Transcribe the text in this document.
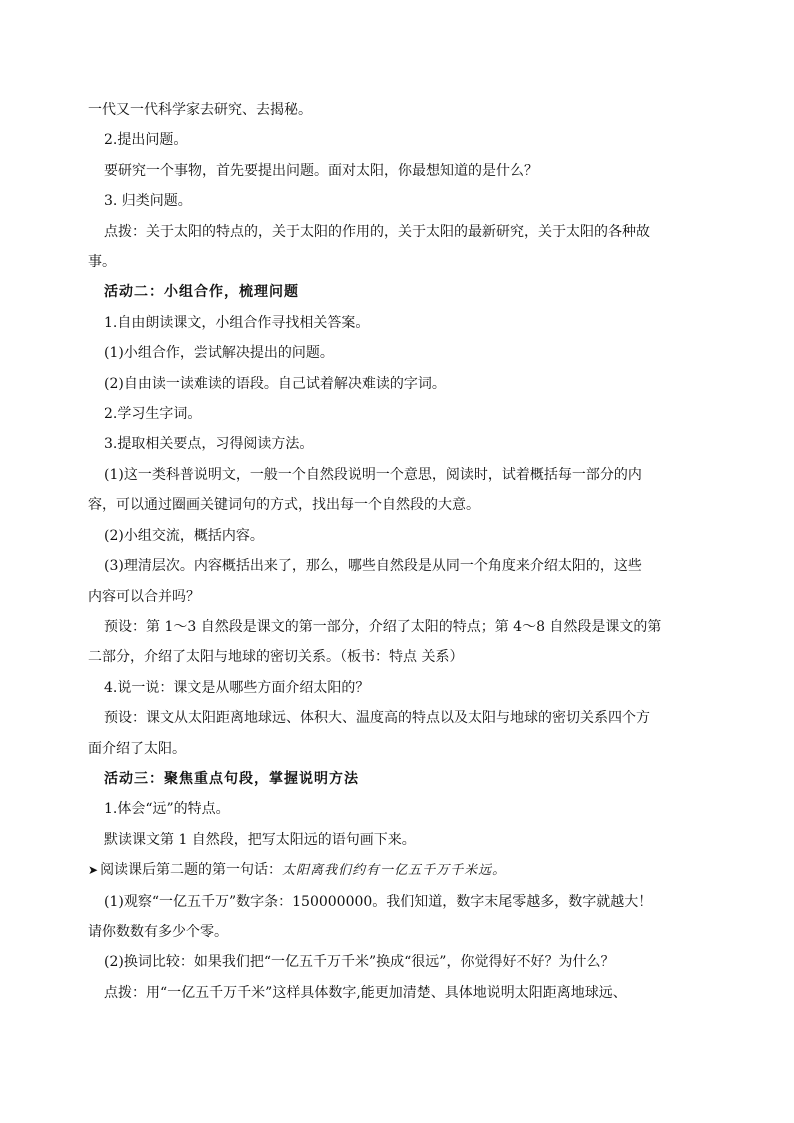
一代又一代科学家去研究、去揭秘。

2.提出问题。

要研究一个事物，首先要提出问题。面对太阳，你最想知道的是什么？

3. 归类问题。

点拨：关于太阳的特点的，关于太阳的作用的，关于太阳的最新研究，关于太阳的各种故

事。

活动二：小组合作，梳理问题

1.自由朗读课文，小组合作寻找相关答案。

(1)小组合作，尝试解决提出的问题。

(2)自由读一读难读的语段。自己试着解决难读的字词。

2.学习生字词。

3.提取相关要点，习得阅读方法。

(1)这一类科普说明文，一般一个自然段说明一个意思，阅读时，试着概括每一部分的内

容，可以通过圈画关键词句的方式，找出每一个自然段的大意。

(2)小组交流，概括内容。

(3)理清层次。内容概括出来了，那么，哪些自然段是从同一个角度来介绍太阳的，这些

内容可以合并吗？

预设：第 1～3 自然段是课文的第一部分，介绍了太阳的特点；第 4～8 自然段是课文的第

二部分，介绍了太阳与地球的密切关系。（板书：特点 关系）

4.说一说：课文是从哪些方面介绍太阳的？

预设：课文从太阳距离地球远、体积大、温度高的特点以及太阳与地球的密切关系四个方

面介绍了太阳。

活动三：聚焦重点句段，掌握说明方法

1.体会“远”的特点。

默读课文第 1 自然段，把写太阳远的语句画下来。

➤ 阅读课后第二题的第一句话：太阳离我们约有一亿五千万千米远。

(1)观察“一亿五千万”数字条：150000000。我们知道，数字末尾零越多，数字就越大！

请你数数有多少个零。

(2)换词比较：如果我们把“一亿五千万千米”换成“很远”，你觉得好不好？为什么？

点拨：用“一亿五千万千米”这样具体数字,能更加清楚、具体地说明太阳距离地球远、
